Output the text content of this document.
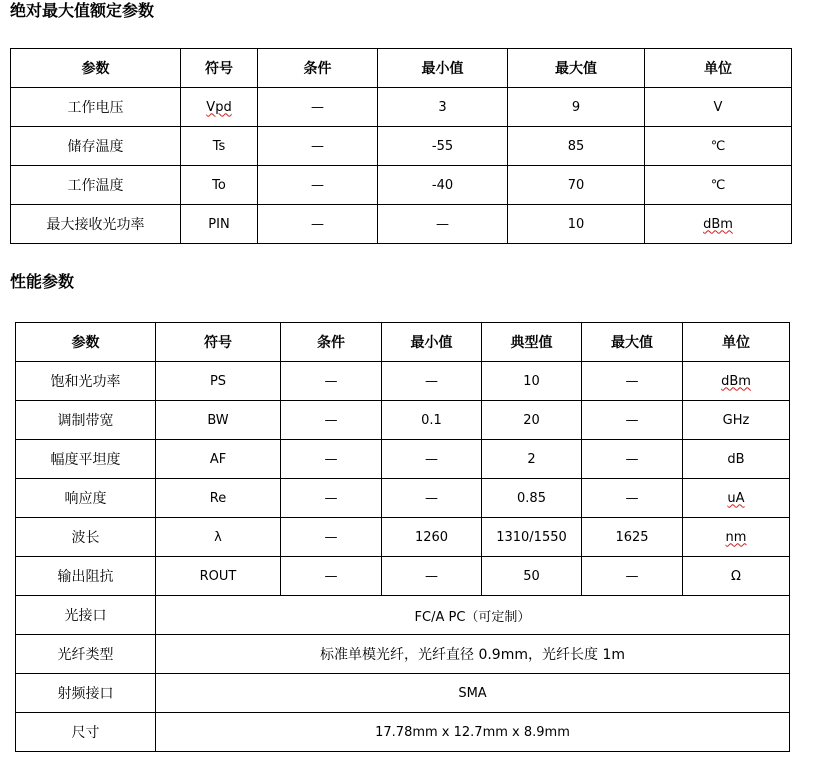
绝对最大值额定参数
参数	符号	条件	最小值	最大值	单位
工作电压	Vpd	—	3	9	V
储存温度	Ts	—	-55	85	℃
工作温度	To	—	-40	70	℃
最大接收光功率	PIN	—	—	10	dBm
性能参数
参数	符号	条件	最小值	典型值	最大值	单位
饱和光功率	PS	—	—	10	—	dBm
调制带宽	BW	—	0.1	20	—	GHz
幅度平坦度	AF	—	—	2	—	dB
响应度	Re	—	—	0.85	—	uA
波长	λ	—	1260	1310/1550	1625	nm
输出阻抗	ROUT	—	—	50	—	Ω
光接口	FC/A PC（可定制）					
光纤类型	标准单模光纤，光纤直径 0.9mm，光纤长度 1m					
射频接口	SMA					
尺寸	17.78mm x 12.7mm x 8.9mm					
